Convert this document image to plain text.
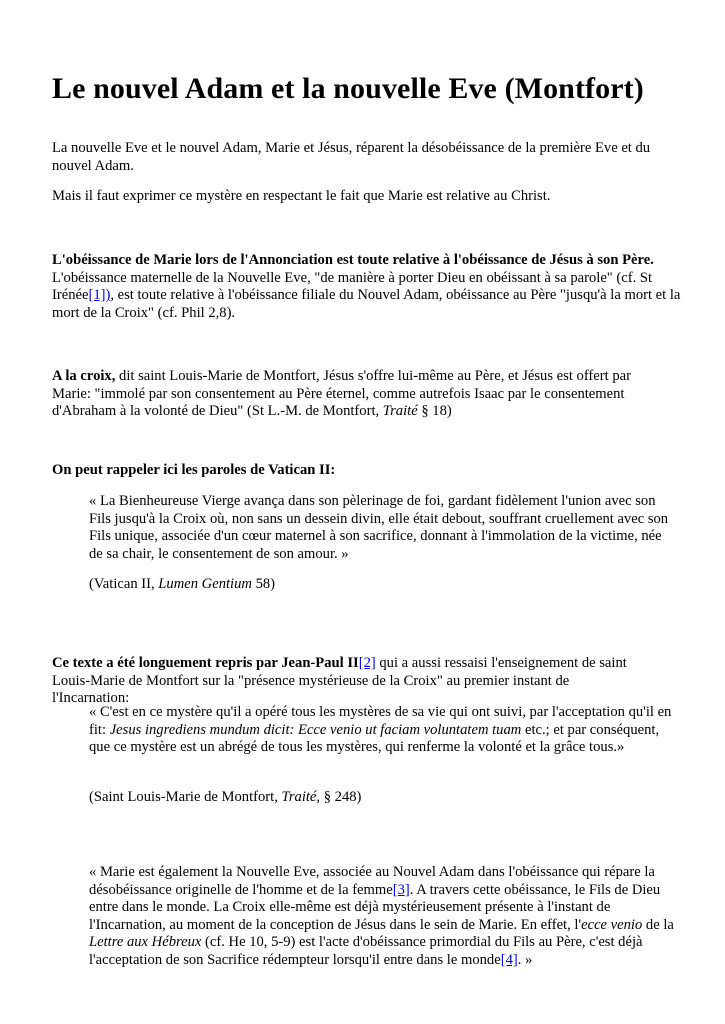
Le nouvel Adam et la nouvelle Eve (Montfort)

La nouvelle Eve et le nouvel Adam, Marie et Jésus, réparent la désobéissance de la première Eve et du nouvel Adam.

Mais il faut exprimer ce mystère en respectant le fait que Marie est relative au Christ.

L'obéissance de Marie lors de l'Annonciation est toute relative à l'obéissance de Jésus à son Père.
L'obéissance maternelle de la Nouvelle Eve, "de manière à porter Dieu en obéissant à sa parole" (cf. St Irénée[1]), est toute relative à l'obéissance filiale du Nouvel Adam, obéissance au Père "jusqu'à la mort et la mort de la Croix" (cf. Phil 2,8).

A la croix, dit saint Louis-Marie de Montfort, Jésus s'offre lui-même au Père, et Jésus est offert par Marie: "immolé par son consentement au Père éternel, comme autrefois Isaac par le consentement d'Abraham à la volonté de Dieu" (St L.-M. de Montfort, Traité § 18)

On peut rappeler ici les paroles de Vatican II:

« La Bienheureuse Vierge avança dans son pèlerinage de foi, gardant fidèlement l'union avec son Fils jusqu'à la Croix où, non sans un dessein divin, elle était debout, souffrant cruellement avec son Fils unique, associée d'un cœur maternel à son sacrifice, donnant à l'immolation de la victime, née de sa chair, le consentement de son amour. »

(Vatican II, Lumen Gentium 58)

Ce texte a été longuement repris par Jean-Paul II[2] qui a aussi ressaisi l'enseignement de saint Louis-Marie de Montfort sur la "présence mystérieuse de la Croix" au premier instant de l'Incarnation:

« C'est en ce mystère qu'il a opéré tous les mystères de sa vie qui ont suivi, par l'acceptation qu'il en fit: Jesus ingrediens mundum dicit: Ecce venio ut faciam voluntatem tuam etc.; et par conséquent, que ce mystère est un abrégé de tous les mystères, qui renferme la volonté et la grâce tous.»

(Saint Louis-Marie de Montfort, Traité, § 248)

« Marie est également la Nouvelle Eve, associée au Nouvel Adam dans l'obéissance qui répare la désobéissance originelle de l'homme et de la femme[3]. A travers cette obéissance, le Fils de Dieu entre dans le monde. La Croix elle-même est déjà mystérieusement présente à l'instant de l'Incarnation, au moment de la conception de Jésus dans le sein de Marie. En effet, l'ecce venio de la Lettre aux Hébreux (cf. He 10, 5-9) est l'acte d'obéissance primordial du Fils au Père, c'est déjà l'acceptation de son Sacrifice rédempteur lorsqu'il entre dans le monde[4]. »
